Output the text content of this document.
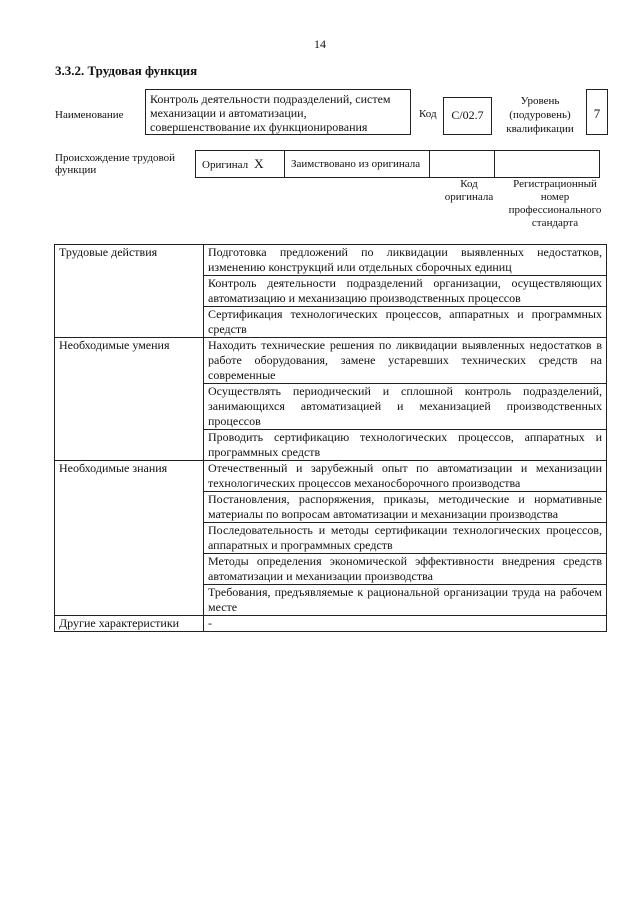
14
3.3.2. Трудовая функция
Наименование
Контроль деятельности подразделений, систем механизации и автоматизации, совершенствование их функционирования
Код	С/02.7
Уровень (подуровень) квалификации
7
Происхождение трудовой функции	Оригинал X	Заимствовано из оригинала		
Код оригинала
Регистрационный номер профессионального стандарта
Трудовые действия	Подготовка предложений по ликвидации выявленных недостатков, изменению конструкций или отдельных сборочных единиц
	Контроль деятельности подразделений организации, осуществляющих автоматизацию и механизацию производственных процессов
	Сертификация технологических процессов, аппаратных и программных средств
Необходимые умения	Находить технические решения по ликвидации выявленных недостатков в работе оборудования, замене устаревших технических средств на современные
	Осуществлять периодический и сплошной контроль подразделений, занимающихся автоматизацией и механизацией производственных процессов
	Проводить сертификацию технологических процессов, аппаратных и программных средств
Необходимые знания	Отечественный и зарубежный опыт по автоматизации и механизации технологических процессов механосборочного производства
	Постановления, распоряжения, приказы, методические и нормативные материалы по вопросам автоматизации и механизации производства
	Последовательность и методы сертификации технологических процессов, аппаратных и программных средств
	Методы определения экономической эффективности внедрения средств автоматизации и механизации производства
	Требования, предъявляемые к рациональной организации труда на рабочем месте
Другие характеристики	-
